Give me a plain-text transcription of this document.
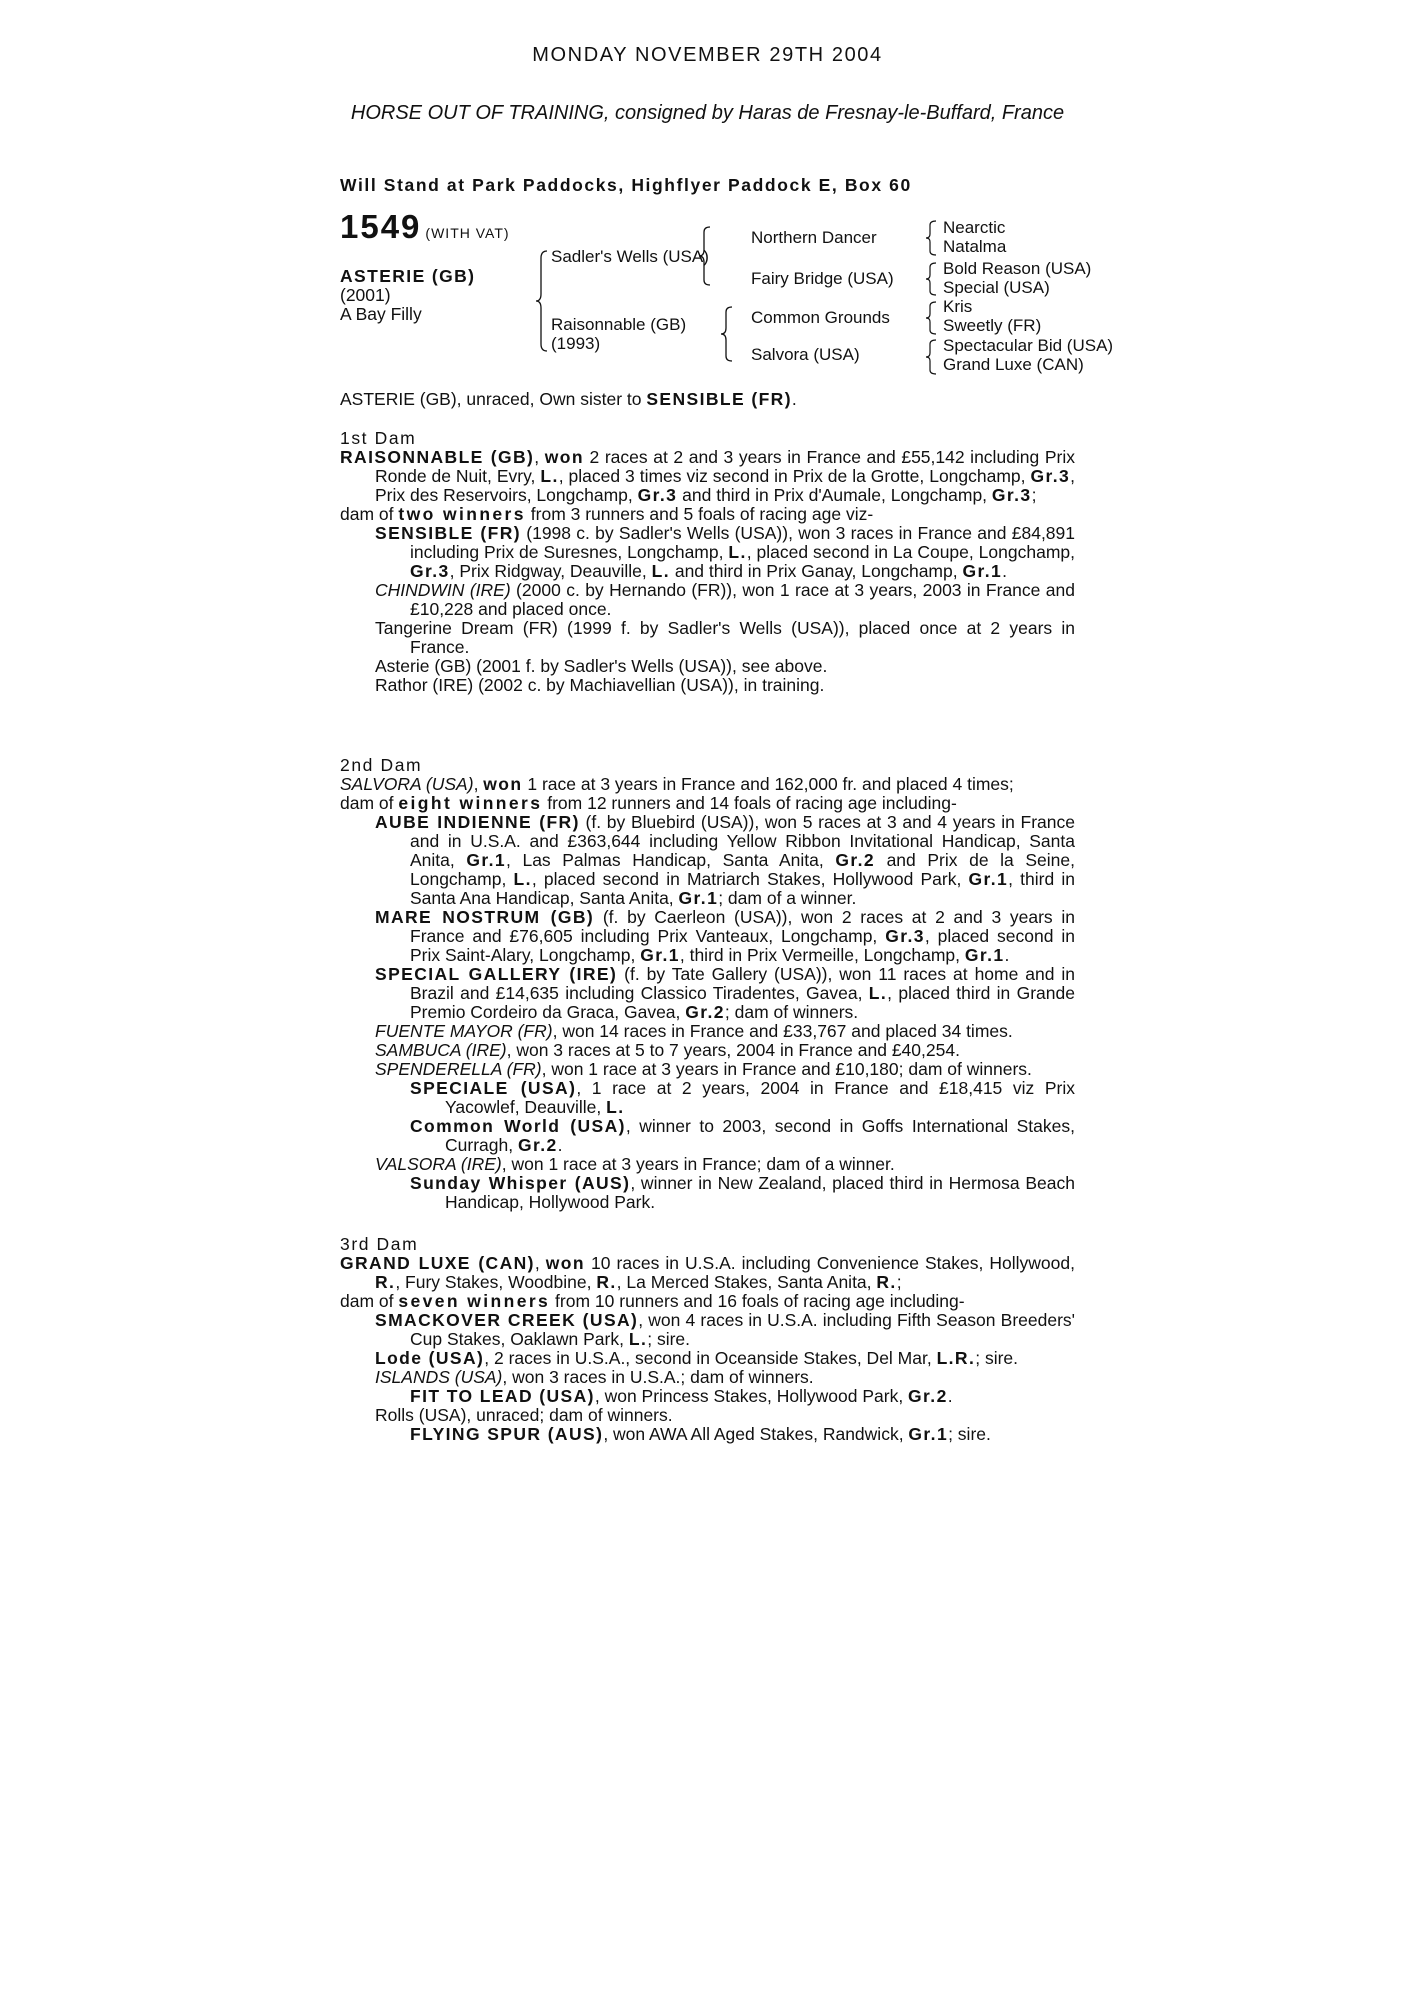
MONDAY NOVEMBER 29TH 2004
HORSE OUT OF TRAINING, consigned by Haras de Fresnay-le-Buffard, France
Will Stand at Park Paddocks, Highflyer Paddock E, Box 60
1549 (WITH VAT)
ASTERIE (GB)
(2001)
A Bay Filly
Sadler's Wells (USA)
Raisonnable (GB)
(1993)
Northern Dancer
Fairy Bridge (USA)
Common Grounds
Salvora (USA)
Nearctic
Natalma
Bold Reason (USA)
Special (USA)
Kris
Sweetly (FR)
Spectacular Bid (USA)
Grand Luxe (CAN)
ASTERIE (GB), unraced, Own sister to SENSIBLE (FR).
1st Dam
RAISONNABLE (GB), won 2 races at 2 and 3 years in France and £55,142 including Prix Ronde de Nuit, Evry, L., placed 3 times viz second in Prix de la Grotte, Longchamp, Gr.3, Prix des Reservoirs, Longchamp, Gr.3 and third in Prix d'Aumale, Longchamp, Gr.3;
dam of two winners from 3 runners and 5 foals of racing age viz-
SENSIBLE (FR) (1998 c. by Sadler's Wells (USA)), won 3 races in France and £84,891 including Prix de Suresnes, Longchamp, L., placed second in La Coupe, Longchamp, Gr.3, Prix Ridgway, Deauville, L. and third in Prix Ganay, Longchamp, Gr.1.
CHINDWIN (IRE) (2000 c. by Hernando (FR)), won 1 race at 3 years, 2003 in France and £10,228 and placed once.
Tangerine Dream (FR) (1999 f. by Sadler's Wells (USA)), placed once at 2 years in France.
Asterie (GB) (2001 f. by Sadler's Wells (USA)), see above.
Rathor (IRE) (2002 c. by Machiavellian (USA)), in training.
2nd Dam
SALVORA (USA), won 1 race at 3 years in France and 162,000 fr. and placed 4 times;
dam of eight winners from 12 runners and 14 foals of racing age including-
AUBE INDIENNE (FR) (f. by Bluebird (USA)), won 5 races at 3 and 4 years in France and in U.S.A. and £363,644 including Yellow Ribbon Invitational Handicap, Santa Anita, Gr.1, Las Palmas Handicap, Santa Anita, Gr.2 and Prix de la Seine, Longchamp, L., placed second in Matriarch Stakes, Hollywood Park, Gr.1, third in Santa Ana Handicap, Santa Anita, Gr.1; dam of a winner.
MARE NOSTRUM (GB) (f. by Caerleon (USA)), won 2 races at 2 and 3 years in France and £76,605 including Prix Vanteaux, Longchamp, Gr.3, placed second in Prix Saint-Alary, Longchamp, Gr.1, third in Prix Vermeille, Longchamp, Gr.1.
SPECIAL GALLERY (IRE) (f. by Tate Gallery (USA)), won 11 races at home and in Brazil and £14,635 including Classico Tiradentes, Gavea, L., placed third in Grande Premio Cordeiro da Graca, Gavea, Gr.2; dam of winners.
FUENTE MAYOR (FR), won 14 races in France and £33,767 and placed 34 times.
SAMBUCA (IRE), won 3 races at 5 to 7 years, 2004 in France and £40,254.
SPENDERELLA (FR), won 1 race at 3 years in France and £10,180; dam of winners.
SPECIALE (USA), 1 race at 2 years, 2004 in France and £18,415 viz Prix Yacowlef, Deauville, L.
Common World (USA), winner to 2003, second in Goffs International Stakes, Curragh, Gr.2.
VALSORA (IRE), won 1 race at 3 years in France; dam of a winner.
Sunday Whisper (AUS), winner in New Zealand, placed third in Hermosa Beach Handicap, Hollywood Park.
3rd Dam
GRAND LUXE (CAN), won 10 races in U.S.A. including Convenience Stakes, Hollywood, R., Fury Stakes, Woodbine, R., La Merced Stakes, Santa Anita, R.;
dam of seven winners from 10 runners and 16 foals of racing age including-
SMACKOVER CREEK (USA), won 4 races in U.S.A. including Fifth Season Breeders' Cup Stakes, Oaklawn Park, L.; sire.
Lode (USA), 2 races in U.S.A., second in Oceanside Stakes, Del Mar, L.R.; sire.
ISLANDS (USA), won 3 races in U.S.A.; dam of winners.
FIT TO LEAD (USA), won Princess Stakes, Hollywood Park, Gr.2.
Rolls (USA), unraced; dam of winners.
FLYING SPUR (AUS), won AWA All Aged Stakes, Randwick, Gr.1; sire.
